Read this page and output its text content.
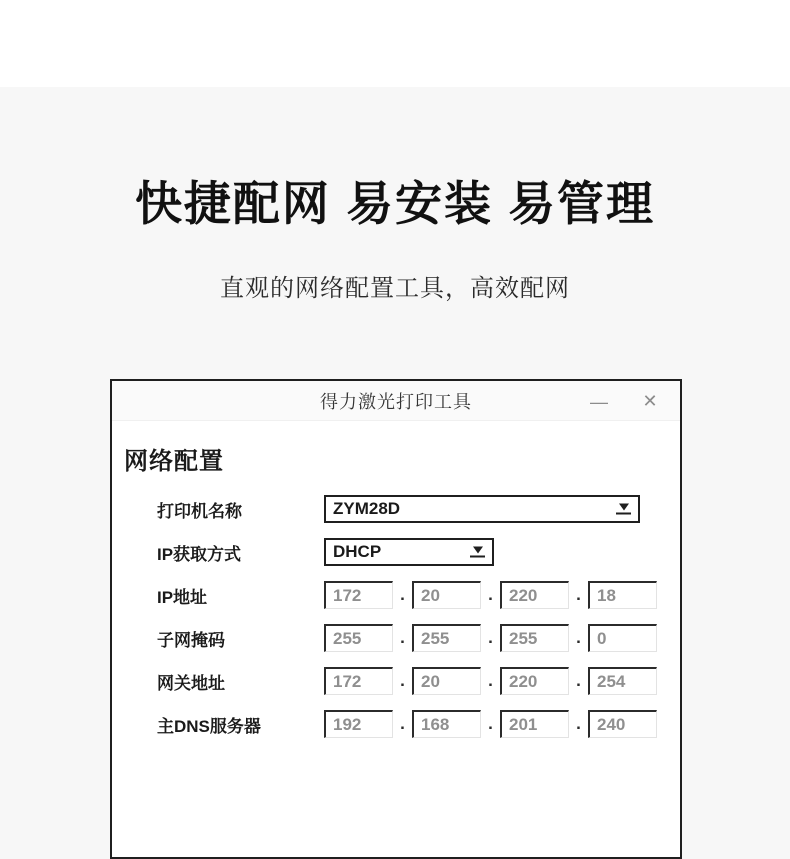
快捷配网 易安装 易管理
直观的网络配置工具，高效配网
得力激光打印工具	— ✕
网络配置
打印机名称	ZYM28D
IP获取方式	DHCP
IP地址	172	. 20	. 220	. 18
子网掩码	255	. 255	. 255	. 0
网关地址	172	. 20	. 220	. 254
主DNS服务器	192	. 168	. 201	. 240
